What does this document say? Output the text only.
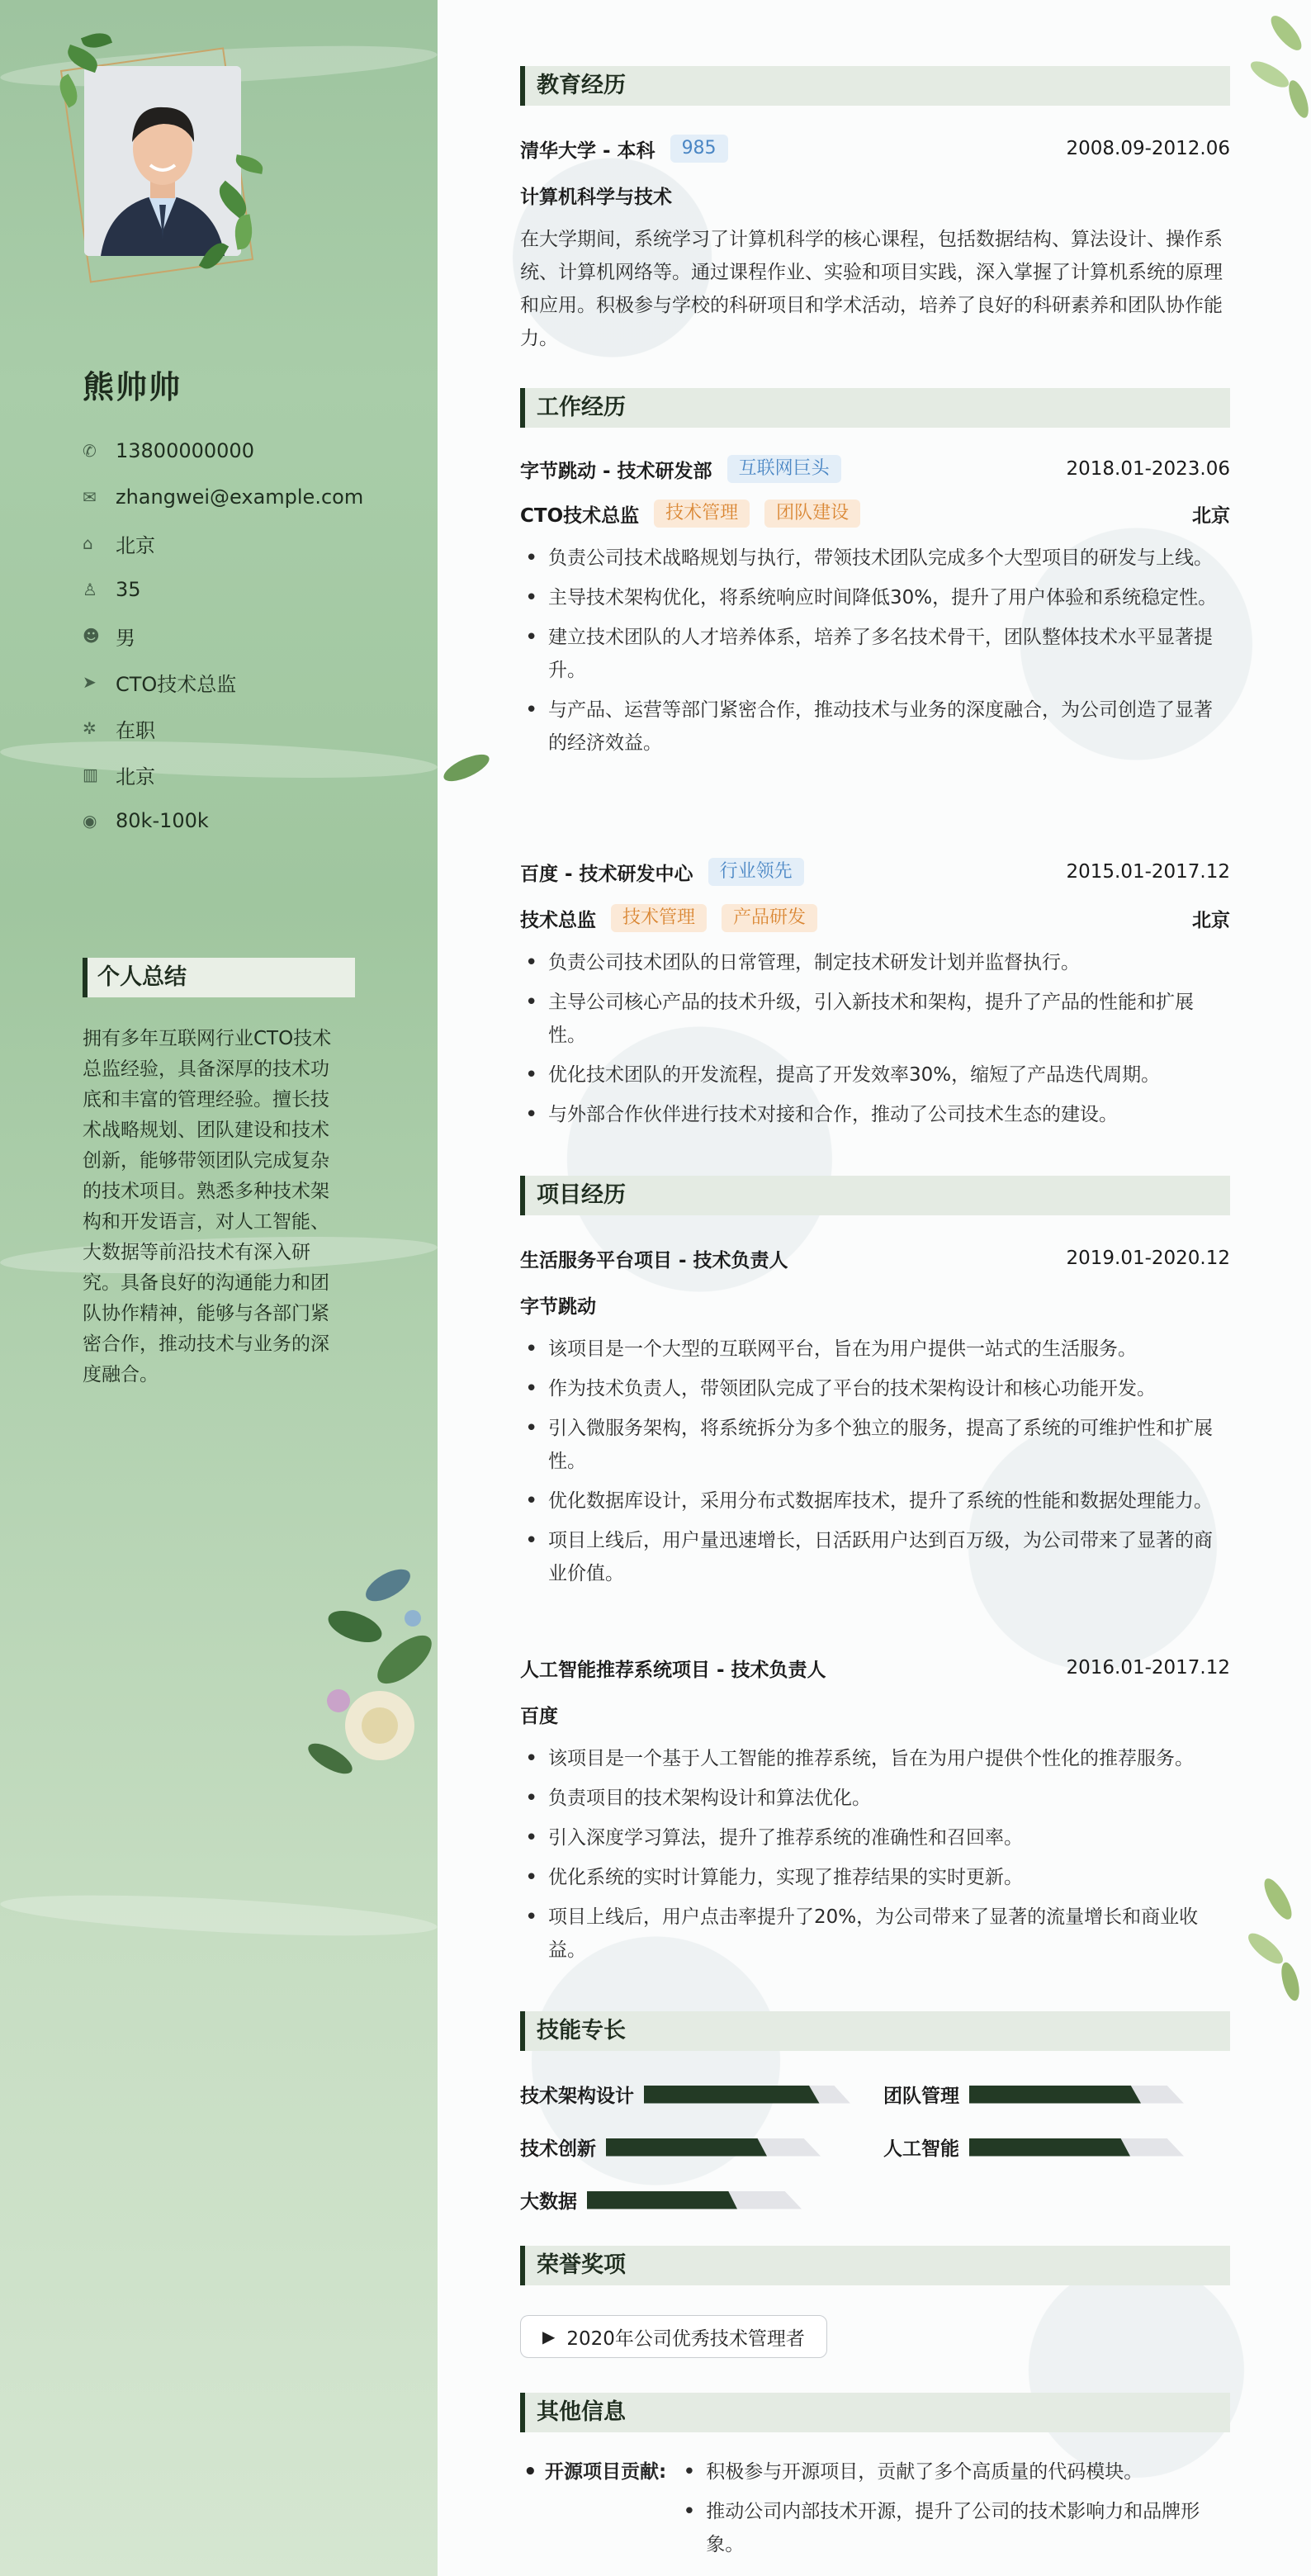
熊帅帅
✆ 13800000000
✉ zhangwei@example.com
⌂	北京
♙ 35
☻ 男
➤ CTO技术总监
✲ 在职
▥ 北京
◉ 80k-100k
个人总结
拥有多年互联网行业CTO技术总监经验，具备深厚的技术功底和丰富的管理经验。擅长技术战略规划、团队建设和技术创新，能够带领团队完成复杂的技术项目。熟悉多种技术架构和开发语言，对人工智能、大数据等前沿技术有深入研究。具备良好的沟通能力和团队协作精神，能够与各部门紧密合作，推动技术与业务的深度融合。
教育经历
清华大学 - 本科	985	2008.09-2012.06
计算机科学与技术
在大学期间，系统学习了计算机科学的核心课程，包括数据结构、算法设计、操作系统、计算机网络等。通过课程作业、实验和项目实践，深入掌握了计算机系统的原理和应用。积极参与学校的科研项目和学术活动，培养了良好的科研素养和团队协作能力。
工作经历
字节跳动 - 技术研发部	互联网巨头	2018.01-2023.06
CTO技术总监	技术管理	团队建设	北京
• 负责公司技术战略规划与执行，带领技术团队完成多个大型项目的研发与上线。
• 主导技术架构优化，将系统响应时间降低30%，提升了用户体验和系统稳定性。
• 建立技术团队的人才培养体系，培养了多名技术骨干，团队整体技术水平显著提升。
• 与产品、运营等部门紧密合作，推动技术与业务的深度融合，为公司创造了显著的经济效益。
百度 - 技术研发中心	行业领先	2015.01-2017.12
技术总监	技术管理	产品研发	北京
• 负责公司技术团队的日常管理，制定技术研发计划并监督执行。
• 主导公司核心产品的技术升级，引入新技术和架构，提升了产品的性能和扩展性。
• 优化技术团队的开发流程，提高了开发效率30%，缩短了产品迭代周期。
• 与外部合作伙伴进行技术对接和合作，推动了公司技术生态的建设。
项目经历
生活服务平台项目 - 技术负责人	2019.01-2020.12
字节跳动
• 该项目是一个大型的互联网平台，旨在为用户提供一站式的生活服务。
• 作为技术负责人，带领团队完成了平台的技术架构设计和核心功能开发。
• 引入微服务架构，将系统拆分为多个独立的服务，提高了系统的可维护性和扩展性。
• 优化数据库设计，采用分布式数据库技术，提升了系统的性能和数据处理能力。
• 项目上线后，用户量迅速增长，日活跃用户达到百万级，为公司带来了显著的商业价值。
人工智能推荐系统项目 - 技术负责人	2016.01-2017.12
百度
• 该项目是一个基于人工智能的推荐系统，旨在为用户提供个性化的推荐服务。
• 负责项目的技术架构设计和算法优化。
• 引入深度学习算法，提升了推荐系统的准确性和召回率。
• 优化系统的实时计算能力，实现了推荐结果的实时更新。
• 项目上线后，用户点击率提升了20%，为公司带来了显著的流量增长和商业收益。
技能专长
技术架构设计	团队管理
技术创新	人工智能
大数据
荣誉奖项
▶ 2020年公司优秀技术管理者
其他信息
• 开源项目贡献:
•	积极参与开源项目，贡献了多个高质量的代码模块。
• 推动公司内部技术开源，提升了公司的技术影响力和品牌形象。
